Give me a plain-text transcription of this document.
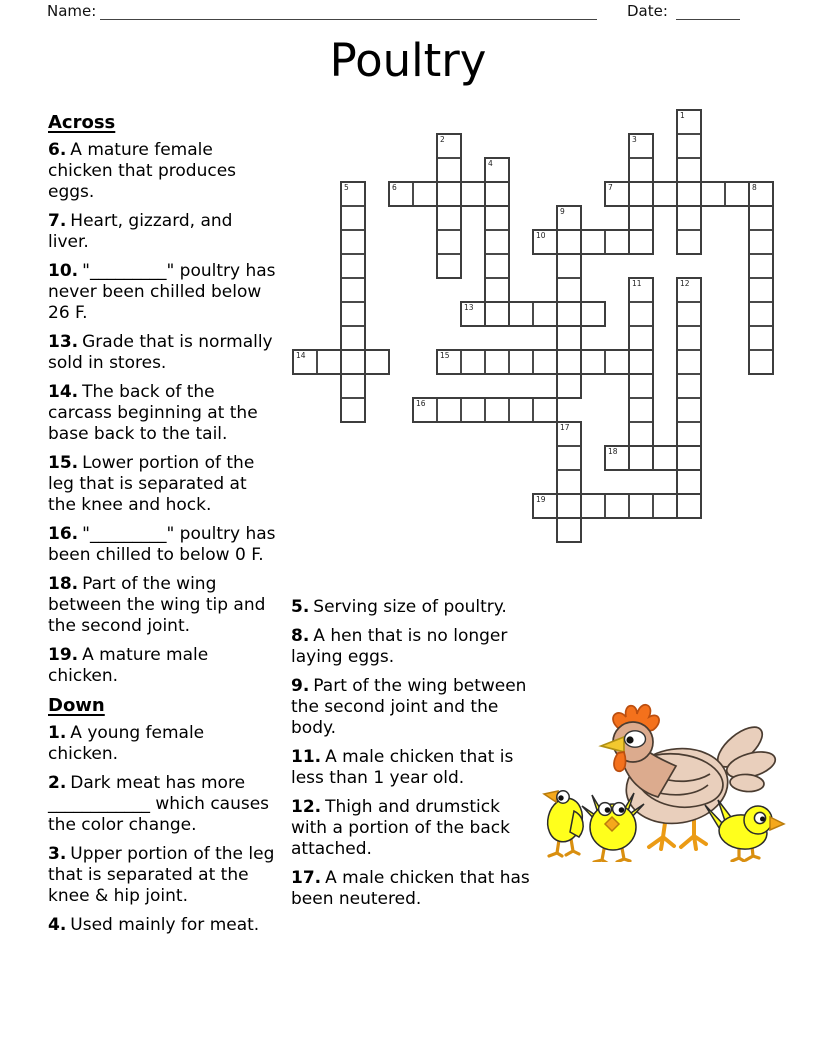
Name:	Date:
Poultry
1
2	3
4
5	6	7	8
9
10
11	12
13
14	15
16
17
18
19

Across

6. A mature female chicken that produces eggs.

7. Heart, gizzard, and liver.

10. "_________" poultry has never been chilled below 26 F.

13. Grade that is normally sold in stores.

14. The back of the carcass beginning at the base back to the tail.

15. Lower portion of the leg that is separated at the knee and hock.

16. "_________" poultry has been chilled to below 0 F.

18. Part of the wing between the wing tip and the second joint.

19. A mature male chicken.

Down

1. A young female chicken.

2. Dark meat has more ____________ which causes the color change.

3. Upper portion of the leg that is separated at the knee & hip joint.

4. Used mainly for meat.

5. Serving size of poultry.

8. A hen that is no longer laying eggs.

9. Part of the wing between the second joint and the body.

11. A male chicken that is less than 1 year old.

12. Thigh and drumstick with a portion of the back attached.

17. A male chicken that has been neutered.
